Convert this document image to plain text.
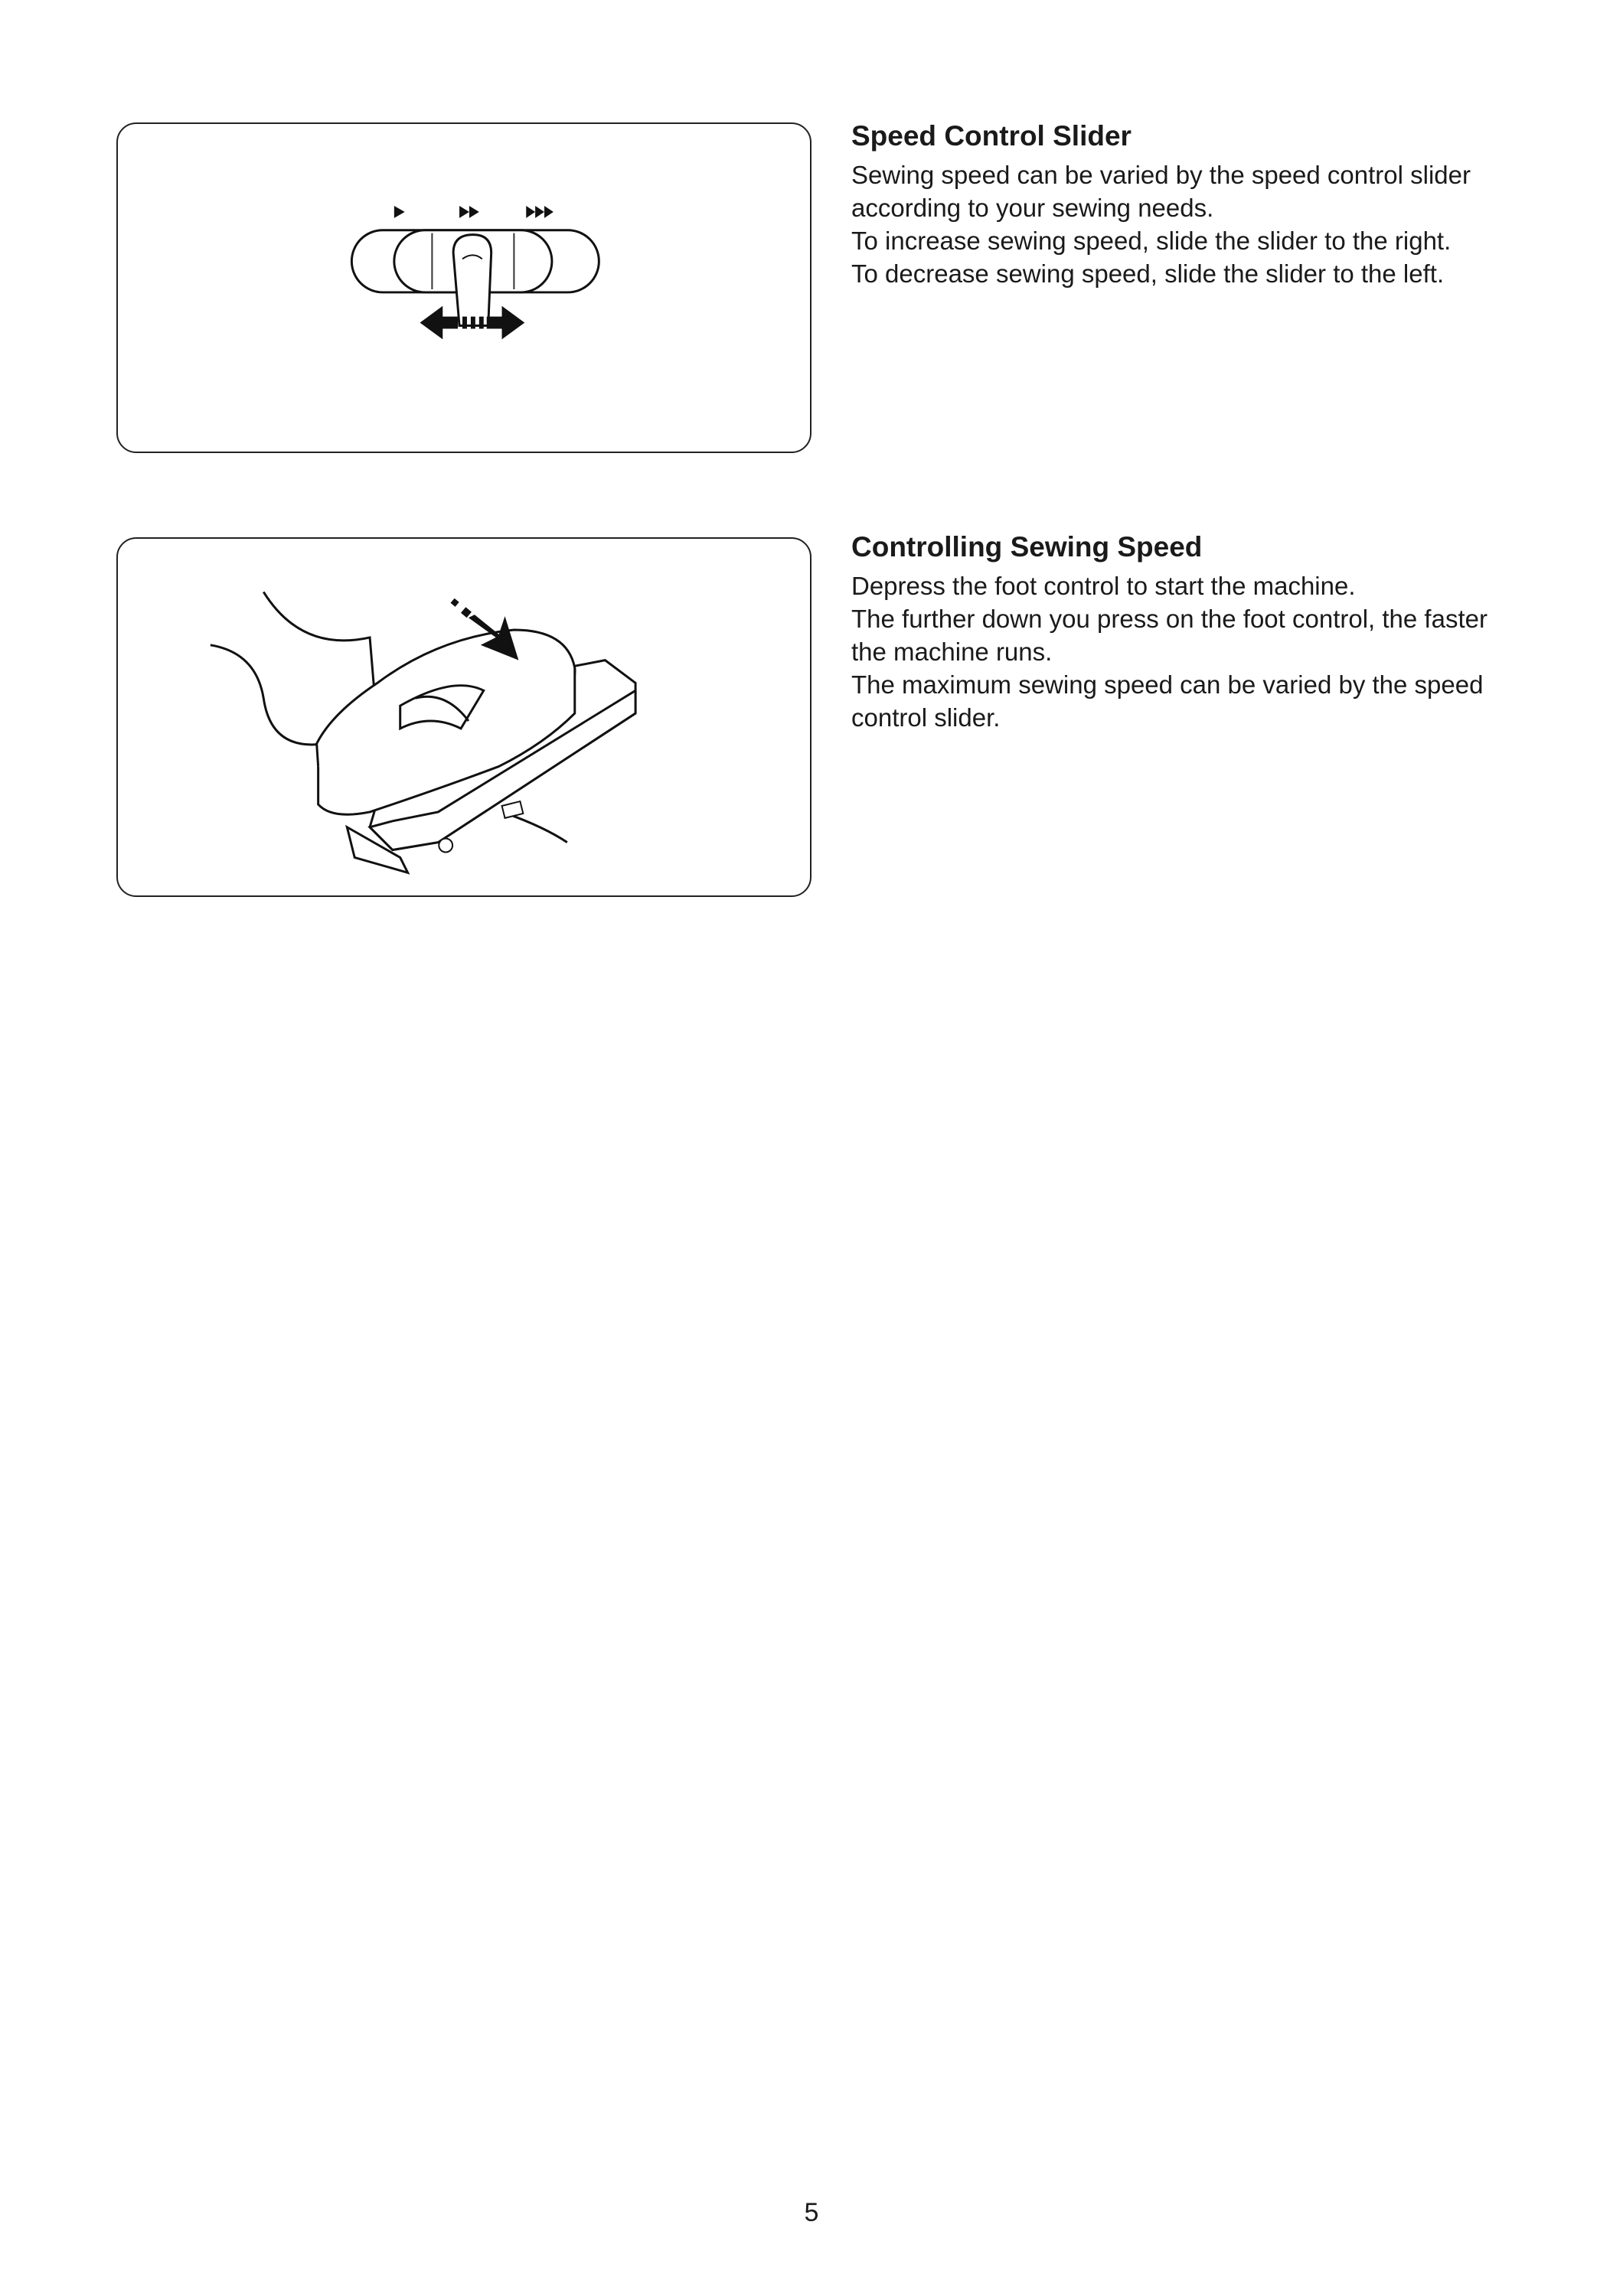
Speed Control Slider

Sewing speed can be varied by the speed control slider

according to your sewing needs.

To increase sewing speed, slide the slider to the right.

To decrease sewing speed, slide the slider to the left.

Controlling Sewing Speed

Depress the foot control to start the machine.

The further down you press on the foot control, the faster

the machine runs.

The maximum sewing speed can be varied by the speed

control slider.

5
